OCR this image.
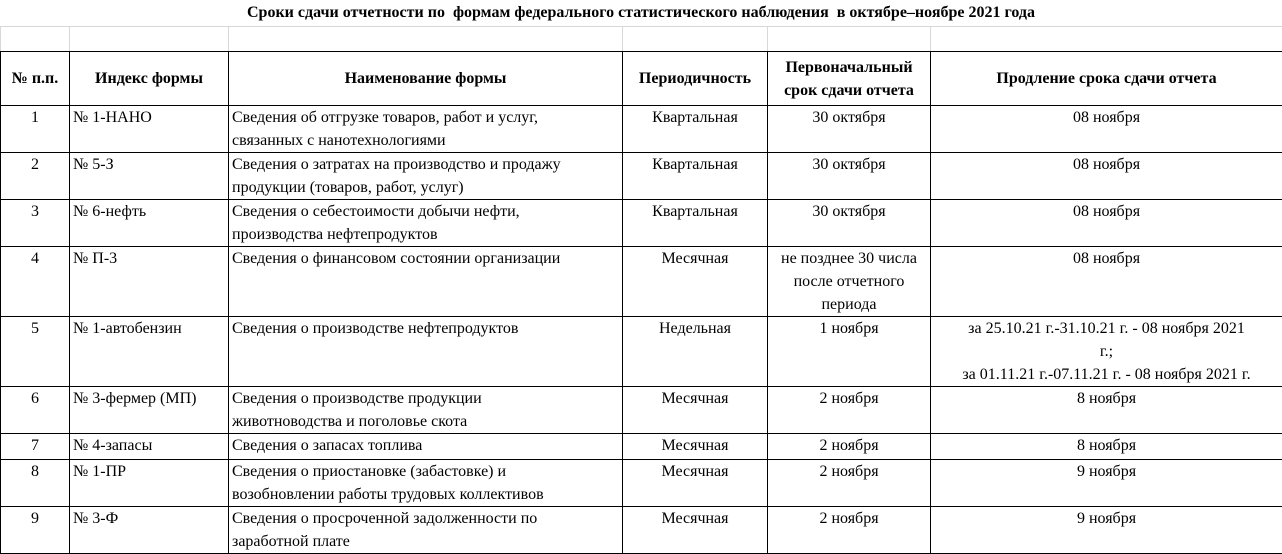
Сроки сдачи отчетности по  формам федерального статистического наблюдения  в октябре–ноябре 2021 года

№ п.п.	Индекс формы	Наименование формы	Периодичность	Первоначальный
срок сдачи отчета	Продление срока сдачи отчета
1	№ 1-НАНО	Сведения об отгрузке товаров, работ и услуг,
связанных с нанотехнологиями	Квартальная	30 октября	08 ноября

2	№ 5-З	Сведения о затратах на производство и продажу
продукции (товаров, работ, услуг)	Квартальная	30 октября	08 ноября

3	№ 6-нефть	Сведения о себестоимости добычи нефти,
производства нефтепродуктов	Квартальная	30 октября	08 ноября

4	№ П-3	Сведения о финансовом состоянии организации	Месячная	не позднее 30 числа
после отчетного
периода	08 ноября

5	№ 1-автобензин	Сведения о производстве нефтепродуктов	Недельная	1 ноября	за 25.10.21 г.-31.10.21 г. - 08 ноября 2021
г.;
за 01.11.21 г.-07.11.21 г. - 08 ноября 2021 г.

6	№ 3-фермер (МП)	Сведения о производстве продукции
животноводства и поголовье скота	Месячная	2 ноября	8 ноября

7	№ 4-запасы	Сведения о запасах топлива	Месячная	2 ноября	8 ноября

8	№ 1-ПР	Сведения о приостановке (забастовке) и
возобновлении работы трудовых коллективов	Месячная	2 ноября	9 ноября

9	№ 3-Ф	Сведения о просроченной задолженности по
заработной плате	Месячная	2 ноября	9 ноября
